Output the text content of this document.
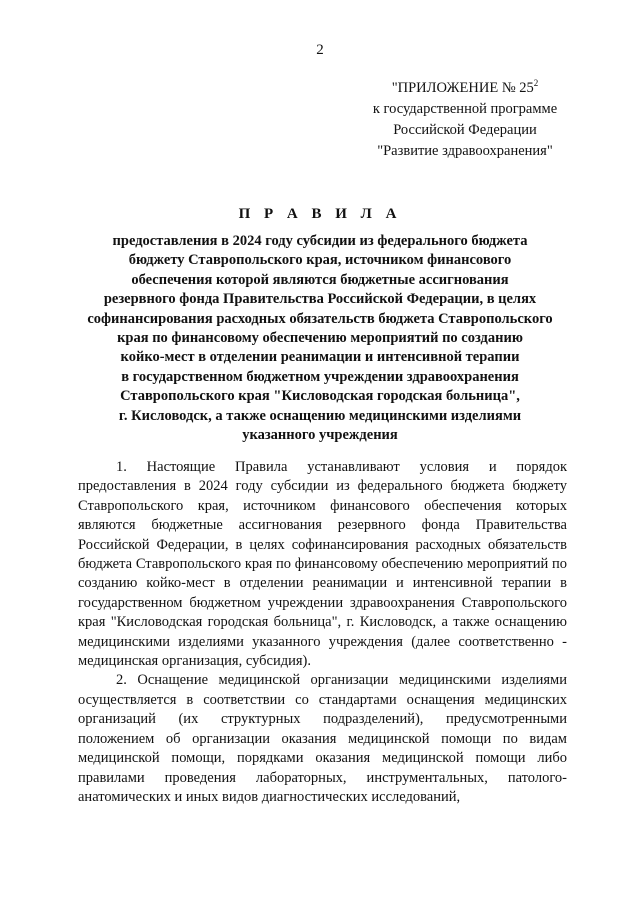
2
"ПРИЛОЖЕНИЕ № $25^2$
к государственной программе
Российской Федерации
"Развитие здравоохранения"
П Р А В И Л А
предоставления в 2024 году субсидии из федерального бюджета
бюджету Ставропольского края, источником финансового
обеспечения которой являются бюджетные ассигнования
резервного фонда Правительства Российской Федерации, в целях
софинансирования расходных обязательств бюджета Ставропольского
края по финансовому обеспечению мероприятий по созданию
койко-мест в отделении реанимации и интенсивной терапии
в государственном бюджетном учреждении здравоохранения
Ставропольского края "Кисловодская городская больница",
г. Кисловодск, а также оснащению медицинскими изделиями
указанного учреждения

1. Настоящие Правила устанавливают условия и порядок предоставления в 2024 году субсидии из федерального бюджета бюджету Ставропольского края, источником финансового обеспечения которых являются бюджетные ассигнования резервного фонда Правительства Российской Федерации, в целях софинансирования расходных обязательств бюджета Ставропольского края по финансовому обеспечению мероприятий по созданию койко-мест в отделении реанимации и интенсивной терапии в государственном бюджетном учреждении здравоохранения Ставропольского края "Кисловодская городская больница", г. Кисловодск, а также оснащению медицинскими изделиями указанного учреждения (далее соответственно - медицинская организация, субсидия).

2. Оснащение медицинской организации медицинскими изделиями осуществляется в соответствии со стандартами оснащения медицинских организаций (их структурных подразделений), предусмотренными положением об организации оказания медицинской помощи по видам медицинской помощи, порядками оказания медицинской помощи либо правилами проведения лабораторных, инструментальных, патолого-анатомических и иных видов диагностических исследований,
